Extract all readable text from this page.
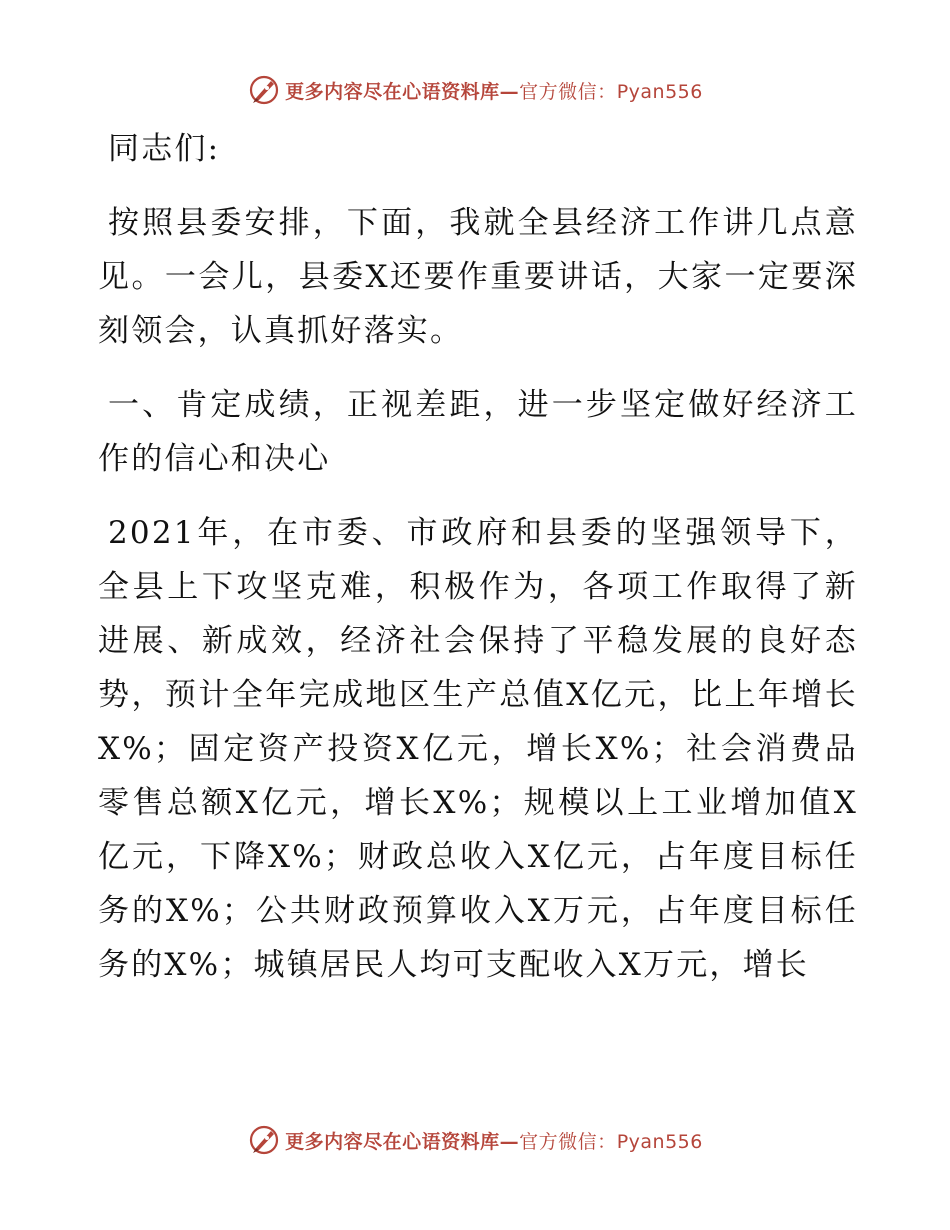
更多内容尽在心语资料库—官方微信：Pyan556

同志们:

按照县委安排，下面，我就全县经济工作讲几点意见。一会儿，县委X还要作重要讲话，大家一定要深刻领会，认真抓好落实。

一、肯定成绩，正视差距，进一步坚定做好经济工作的信心和决心

2021年，在市委、市政府和县委的坚强领导下，全县上下攻坚克难，积极作为，各项工作取得了新进展、新成效，经济社会保持了平稳发展的良好态势，预计全年完成地区生产总值X亿元，比上年增长X%；固定资产投资X亿元，增长X%；社会消费品零售总额X亿元，增长X%；规模以上工业增加值X亿元，下降X%；财政总收入X亿元，占年度目标任务的X%；公共财政预算收入X万元，占年度目标任务的X%；城镇居民人均可支配收入X万元，增长

更多内容尽在心语资料库—官方微信：Pyan556
